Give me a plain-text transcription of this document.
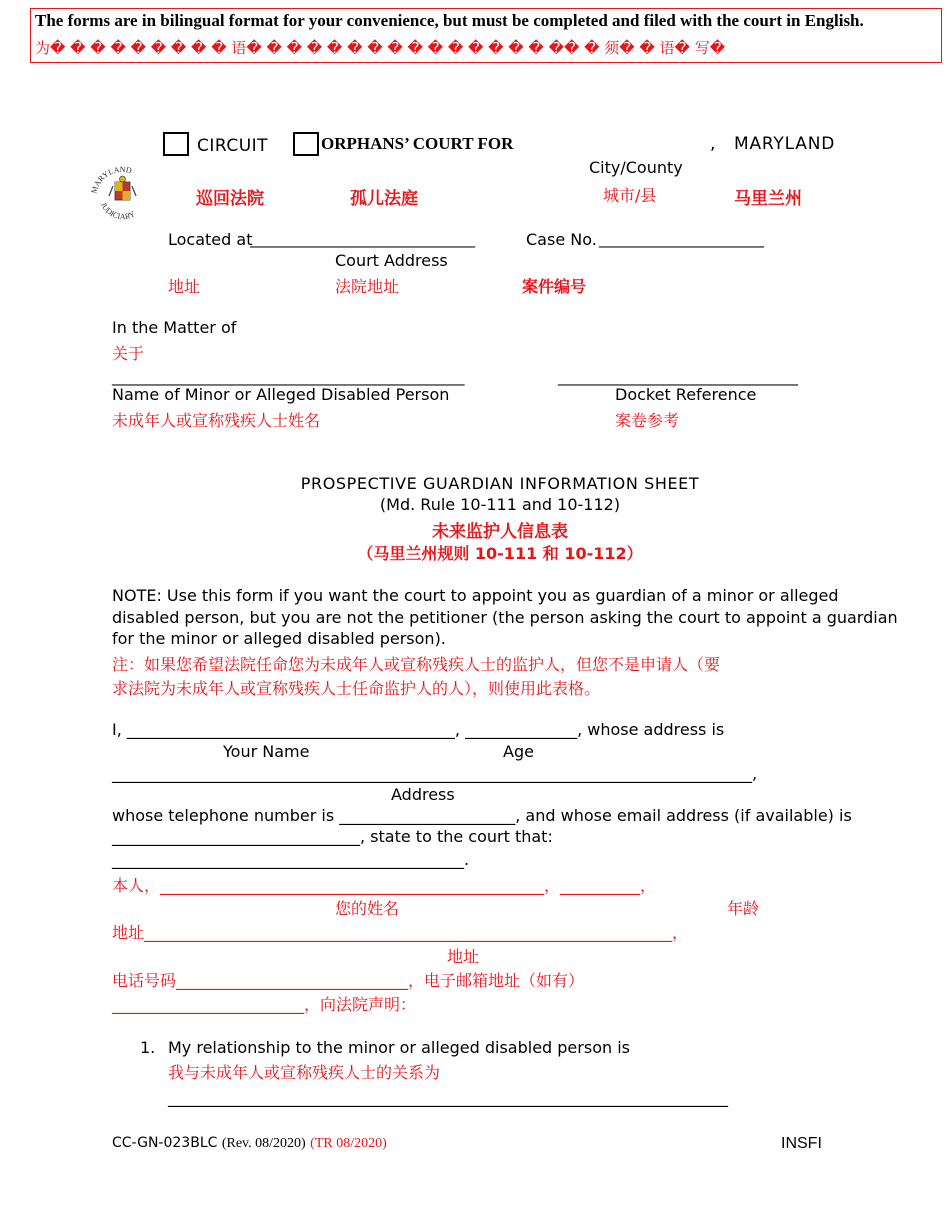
The forms are in bilingual format for your convenience, but must be completed and filed with the court in English.
为� � � � � � � � � 语� � � � � � � � � � � � � � � �� � 须� � 语� 写�
CIRCUIT	ORPHANS’ COURT FOR	, MARYLAND
City/County
MARYLAND
JUDICIARY
巡回法院	孤儿法庭	城市/县	马里兰州
Located at
______________________________	Case No. ______________________
Court Address
地址	法院地址	案件编号
In the Matter of
关于
_______________________________________________	________________________________
Name of Minor or Alleged Disabled Person	Docket Reference
未成年人或宣称残疾人士姓名	案卷参考
PROSPECTIVE GUARDIAN INFORMATION SHEET
(Md. Rule 10-111 and 10-112)
未来监护人信息表
（马里兰州规则 10-111 和 10-112）
NOTE: Use this form if you want the court to appoint you as guardian of a minor or alleged
disabled person, but you are not the petitioner (the person asking the court to appoint a guardian
for the minor or alleged disabled person).
注：如果您希望法院任命您为未成年人或宣称残疾人士的监护人，但您不是申请人（要
求法院为未成年人或宣称残疾人士任命监护人的人），则使用此表格。
I, _________________________________________, ______________, whose address is
Your Name	Age
________________________________________________________________________________,
Address
whose telephone number is ______________________, and whose email address (if available) is
_______________________________, state to the court that:
____________________________________________.
本人，________________________________________________，__________，
您的姓名	年龄
地址__________________________________________________________________，
地址
电话号码_____________________________，电子邮箱地址（如有）
________________________，向法院声明：
1. My relationship to the minor or alleged disabled person is
我与未成年人或宣称残疾人士的关系为
______________________________________________________________________
CC-GN-023BLC (Rev. 08/2020) (TR 08/2020)	INSFI
